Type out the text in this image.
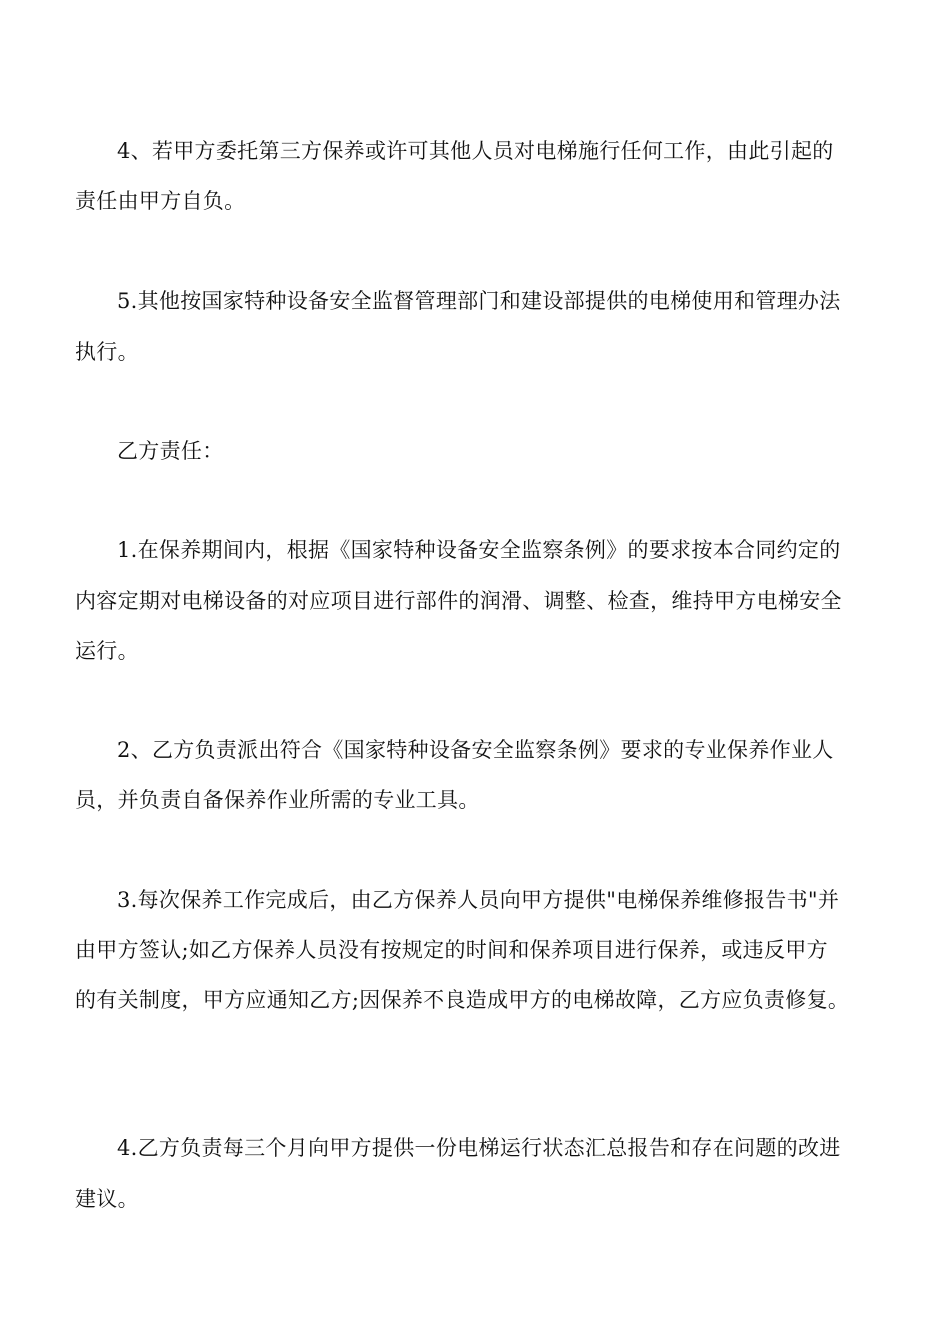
4、若甲方委托第三方保养或许可其他人员对电梯施行任何工作，由此引起的

责任由甲方自负。

5.其他按国家特种设备安全监督管理部门和建设部提供的电梯使用和管理办法

执行。

乙方责任：

1.在保养期间内，根据《国家特种设备安全监察条例》的要求按本合同约定的

内容定期对电梯设备的对应项目进行部件的润滑、调整、检查，维持甲方电梯安全

运行。

2、乙方负责派出符合《国家特种设备安全监察条例》要求的专业保养作业人

员，并负责自备保养作业所需的专业工具。

3.每次保养工作完成后，由乙方保养人员向甲方提供"电梯保养维修报告书"并

由甲方签认;如乙方保养人员没有按规定的时间和保养项目进行保养，或违反甲方

的有关制度，甲方应通知乙方;因保养不良造成甲方的电梯故障，乙方应负责修复。

4.乙方负责每三个月向甲方提供一份电梯运行状态汇总报告和存在问题的改进

建议。
